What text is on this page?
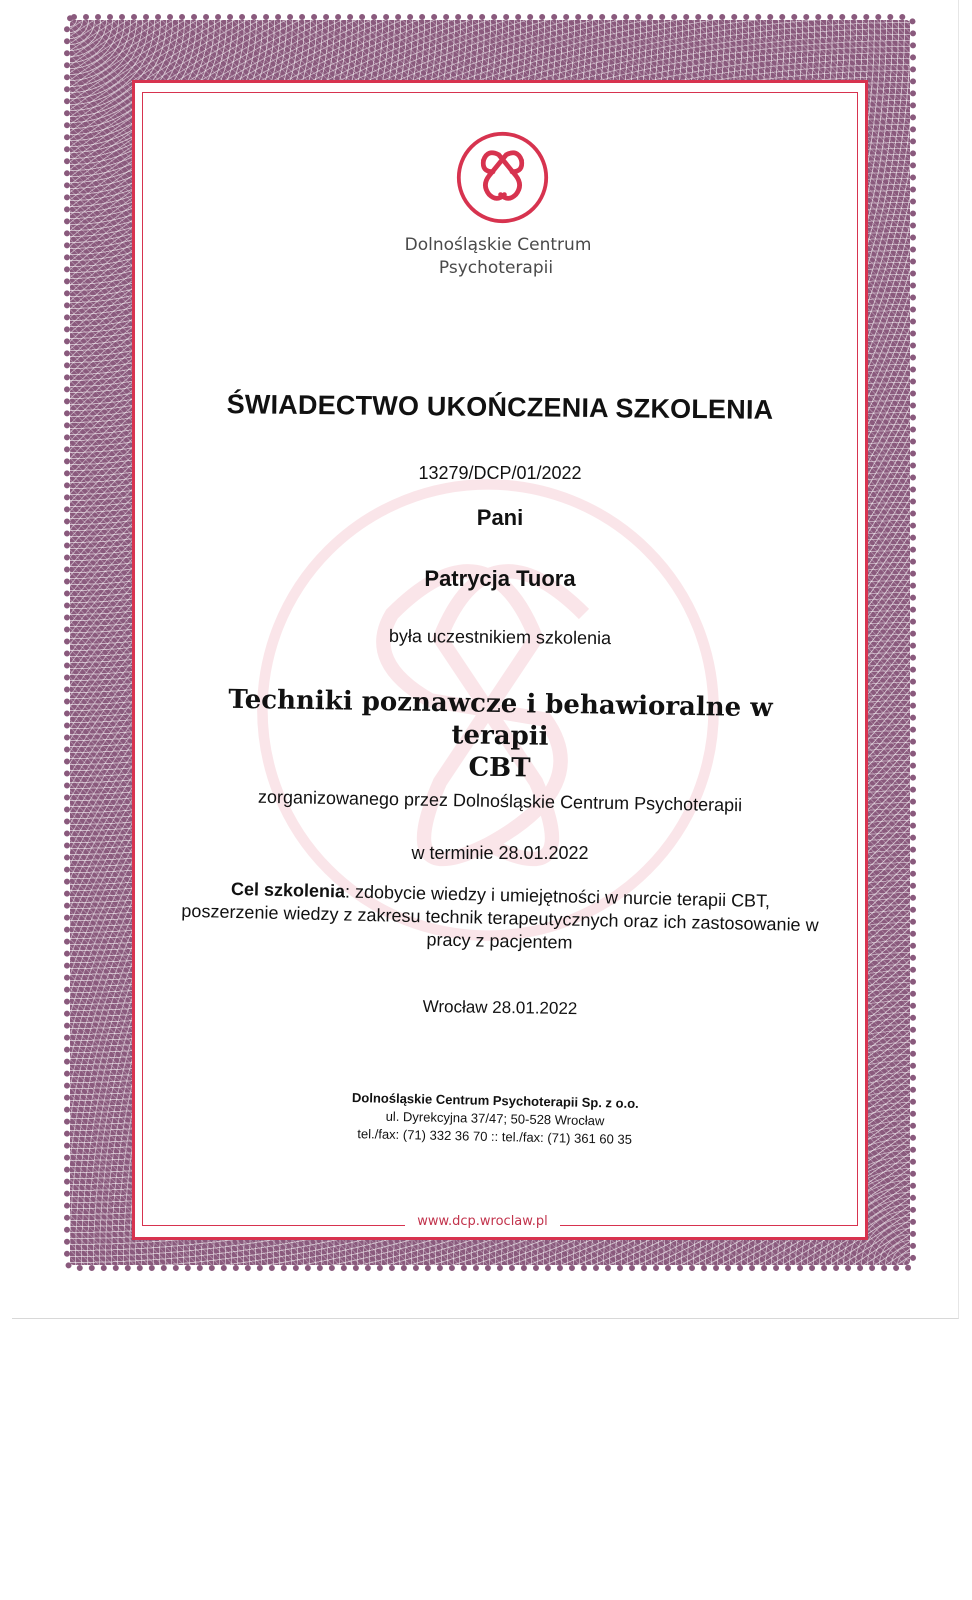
Dolnośląskie Centrum
Psychoterapii
ŚWIADECTWO UKOŃCZENIA SZKOLENIA
13279/DCP/01/2022
Pani
Patrycja Tuora
była uczestnikiem szkolenia
Techniki poznawcze i behawioralne w terapii
CBT
zorganizowanego przez Dolnośląskie Centrum Psychoterapii
w terminie 28.01.2022
Cel szkolenia: zdobycie wiedzy i umiejętności w nurcie terapii CBT, poszerzenie wiedzy z zakresu technik terapeutycznych oraz ich zastosowanie w pracy z pacjentem
Wrocław 28.01.2022
Dolnośląskie Centrum Psychoterapii Sp. z o.o.
ul. Dyrekcyjna 37/47; 50-528 Wrocław
tel./fax: (71) 332 36 70 :: tel./fax: (71) 361 60 35
www.dcp.wroclaw.pl
